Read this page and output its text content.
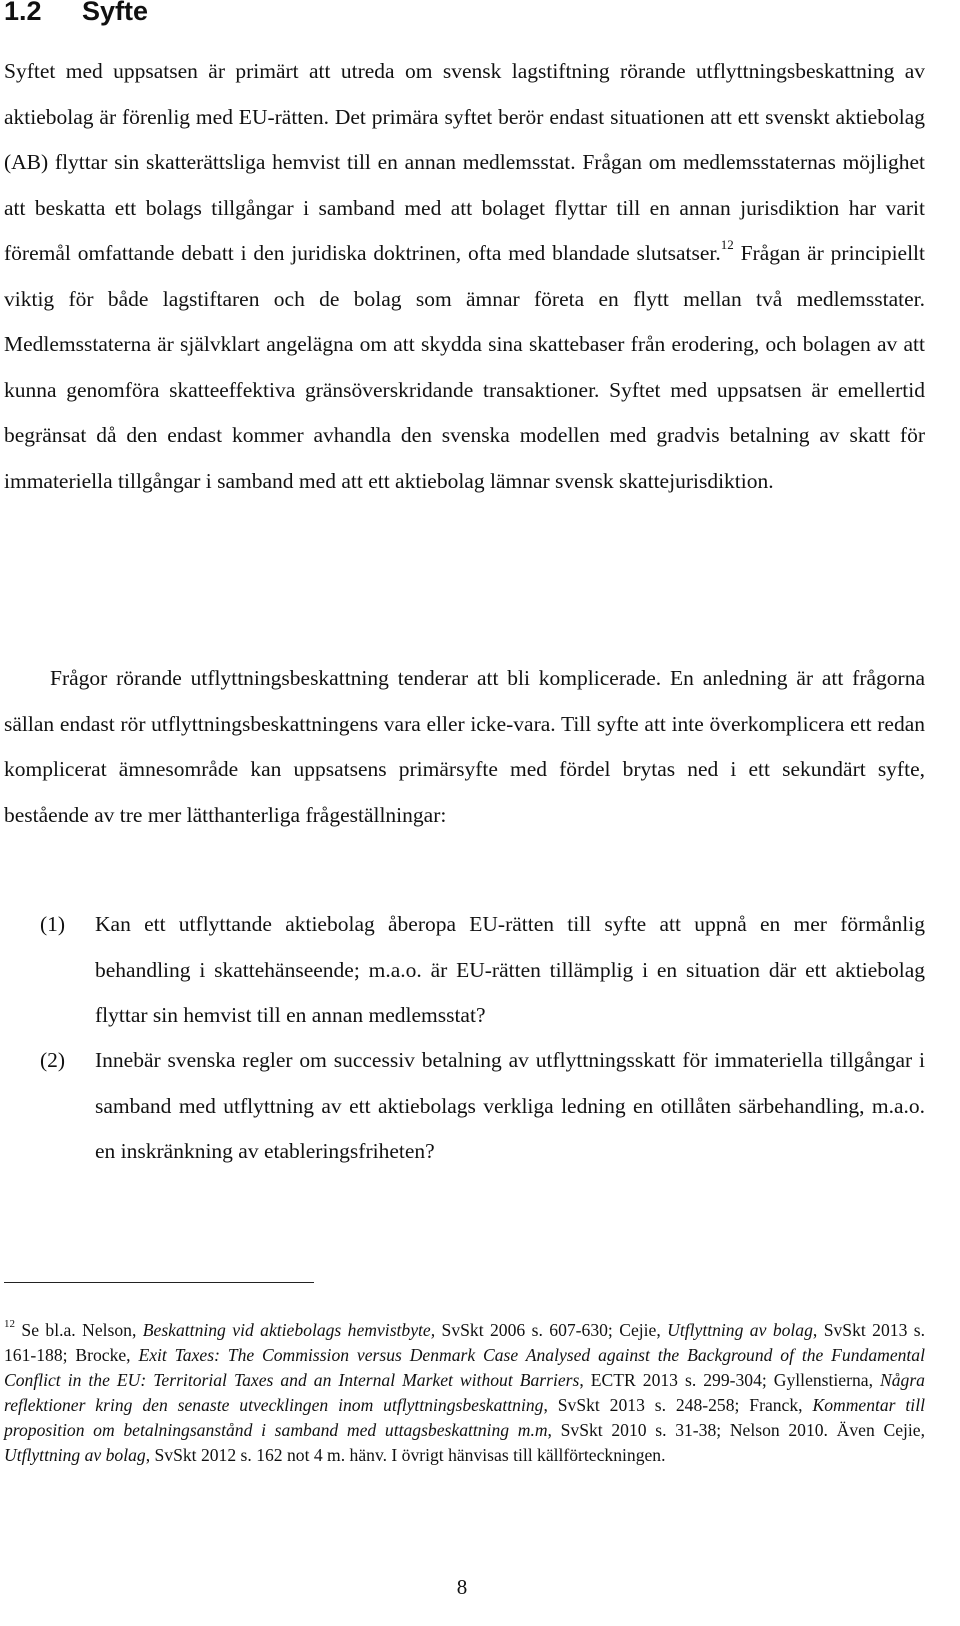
1.2 Syfte

Syftet med uppsatsen är primärt att utreda om svensk lagstiftning rörande utflyttningsbeskattning av aktiebolag är förenlig med EU-rätten. Det primära syftet berör endast situationen att ett svenskt aktiebolag (AB) flyttar sin skatterättsliga hemvist till en annan medlemsstat. Frågan om medlemsstaternas möjlighet att beskatta ett bolags tillgångar i samband med att bolaget flyttar till en annan jurisdiktion har varit föremål omfattande debatt i den juridiska doktrinen, ofta med blandade slutsatser.$^{12}$ Frågan är principiellt viktig för både lagstiftaren och de bolag som ämnar företa en flytt mellan två medlemsstater. Medlemsstaterna är självklart angelägna om att skydda sina skattebaser från erodering, och bolagen av att kunna genomföra skatteeffektiva gränsöverskridande transaktioner. Syftet med uppsatsen är emellertid begränsat då den endast kommer avhandla den svenska modellen med gradvis betalning av skatt för immateriella tillgångar i samband med att ett aktiebolag lämnar svensk skattejurisdiktion.

Frågor rörande utflyttningsbeskattning tenderar att bli komplicerade. En anledning är att frågorna sällan endast rör utflyttningsbeskattningens vara eller icke-vara. Till syfte att inte överkomplicera ett redan komplicerat ämnesområde kan uppsatsens primärsyfte med fördel brytas ned i ett sekundärt syfte, bestående av tre mer lätthanterliga frågeställningar:

(1) Kan ett utflyttande aktiebolag åberopa EU-rätten till syfte att uppnå en mer förmånlig behandling i skattehänseende; m.a.o. är EU-rätten tillämplig i en situation där ett aktiebolag flyttar sin hemvist till en annan medlemsstat?
(2) Innebär svenska regler om successiv betalning av utflyttningsskatt för immateriella tillgångar i samband med utflyttning av ett aktiebolags verkliga ledning en otillåten särbehandling, m.a.o. en inskränkning av etableringsfriheten?

$^{12}$ Se bl.a. Nelson, Beskattning vid aktiebolags hemvistbyte, SvSkt 2006 s. 607-630; Cejie, Utflyttning av bolag, SvSkt 2013 s. 161-188; Brocke, Exit Taxes: The Commission versus Denmark Case Analysed against the Background of the Fundamental Conflict in the EU: Territorial Taxes and an Internal Market without Barriers, ECTR 2013 s. 299-304; Gyllenstierna, Några reflektioner kring den senaste utvecklingen inom utflyttningsbeskattning, SvSkt 2013 s. 248-258; Franck, Kommentar till proposition om betalningsanstånd i samband med uttagsbeskattning m.m, SvSkt 2010 s. 31-38; Nelson 2010. Även Cejie, Utflyttning av bolag, SvSkt 2012 s. 162 not 4 m. hänv. I övrigt hänvisas till källförteckningen.

8
